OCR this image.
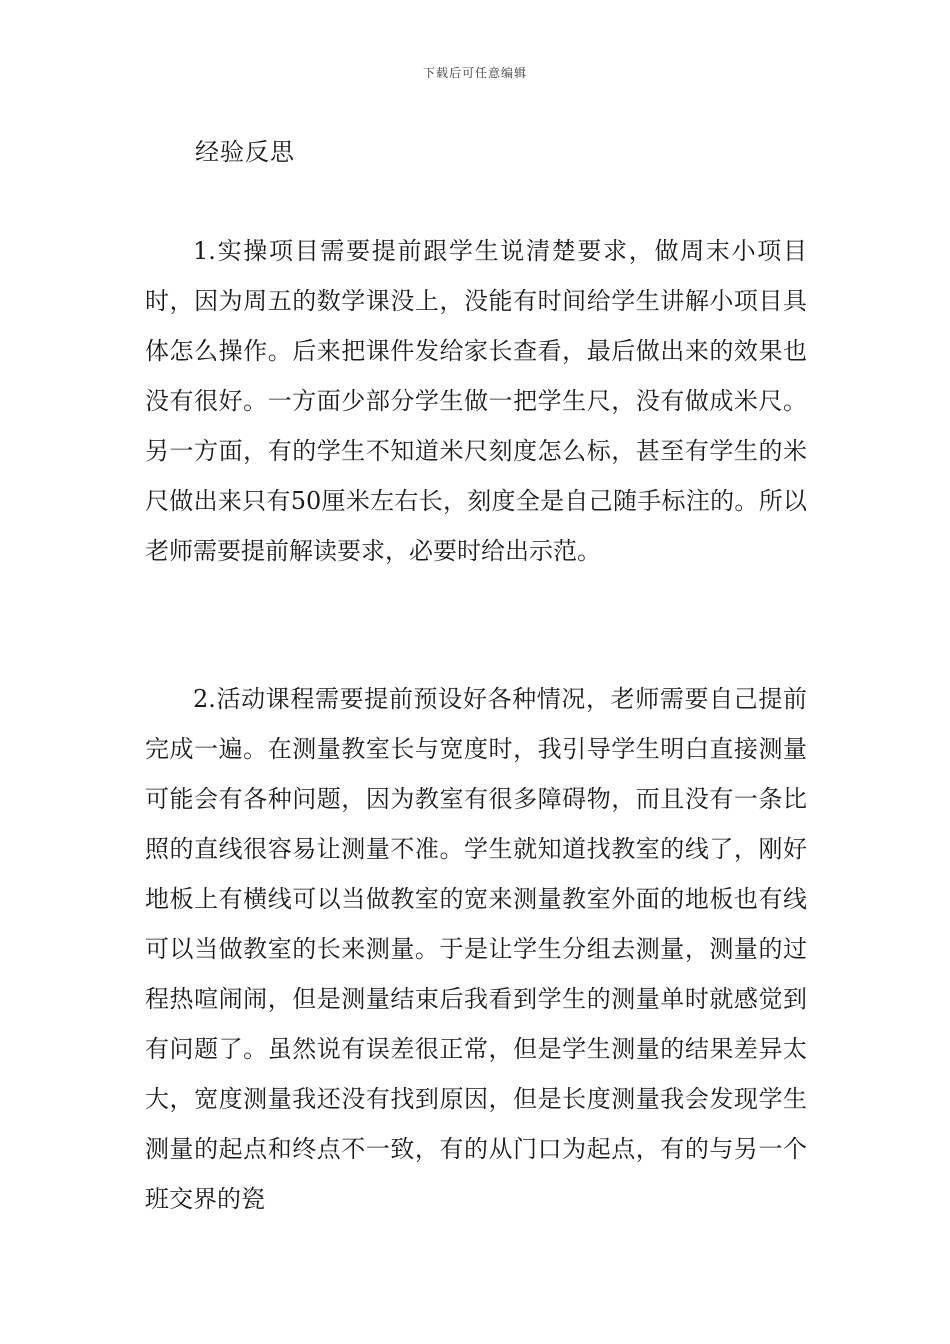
下载后可任意编辑
经验反思

1.实操项目需要提前跟学生说清楚要求，做周末小项目时，因为周五的数学课没上，没能有时间给学生讲解小项目具体怎么操作。后来把课件发给家长查看，最后做出来的效果也没有很好。一方面少部分学生做一把学生尺，没有做成米尺。另一方面，有的学生不知道米尺刻度怎么标，甚至有学生的米尺做出来只有50厘米左右长，刻度全是自己随手标注的。所以老师需要提前解读要求，必要时给出示范。

2.活动课程需要提前预设好各种情况，老师需要自己提前完成一遍。在测量教室长与宽度时，我引导学生明白直接测量可能会有各种问题，因为教室有很多障碍物，而且没有一条比照的直线很容易让测量不准。学生就知道找教室的线了，刚好地板上有横线可以当做教室的宽来测量教室外面的地板也有线可以当做教室的长来测量。于是让学生分组去测量，测量的过程热喧闹闹，但是测量结束后我看到学生的测量单时就感觉到有问题了。虽然说有误差很正常，但是学生测量的结果差异太大，宽度测量我还没有找到原因，但是长度测量我会发现学生测量的起点和终点不一致，有的从门口为起点，有的与另一个班交界的瓷
